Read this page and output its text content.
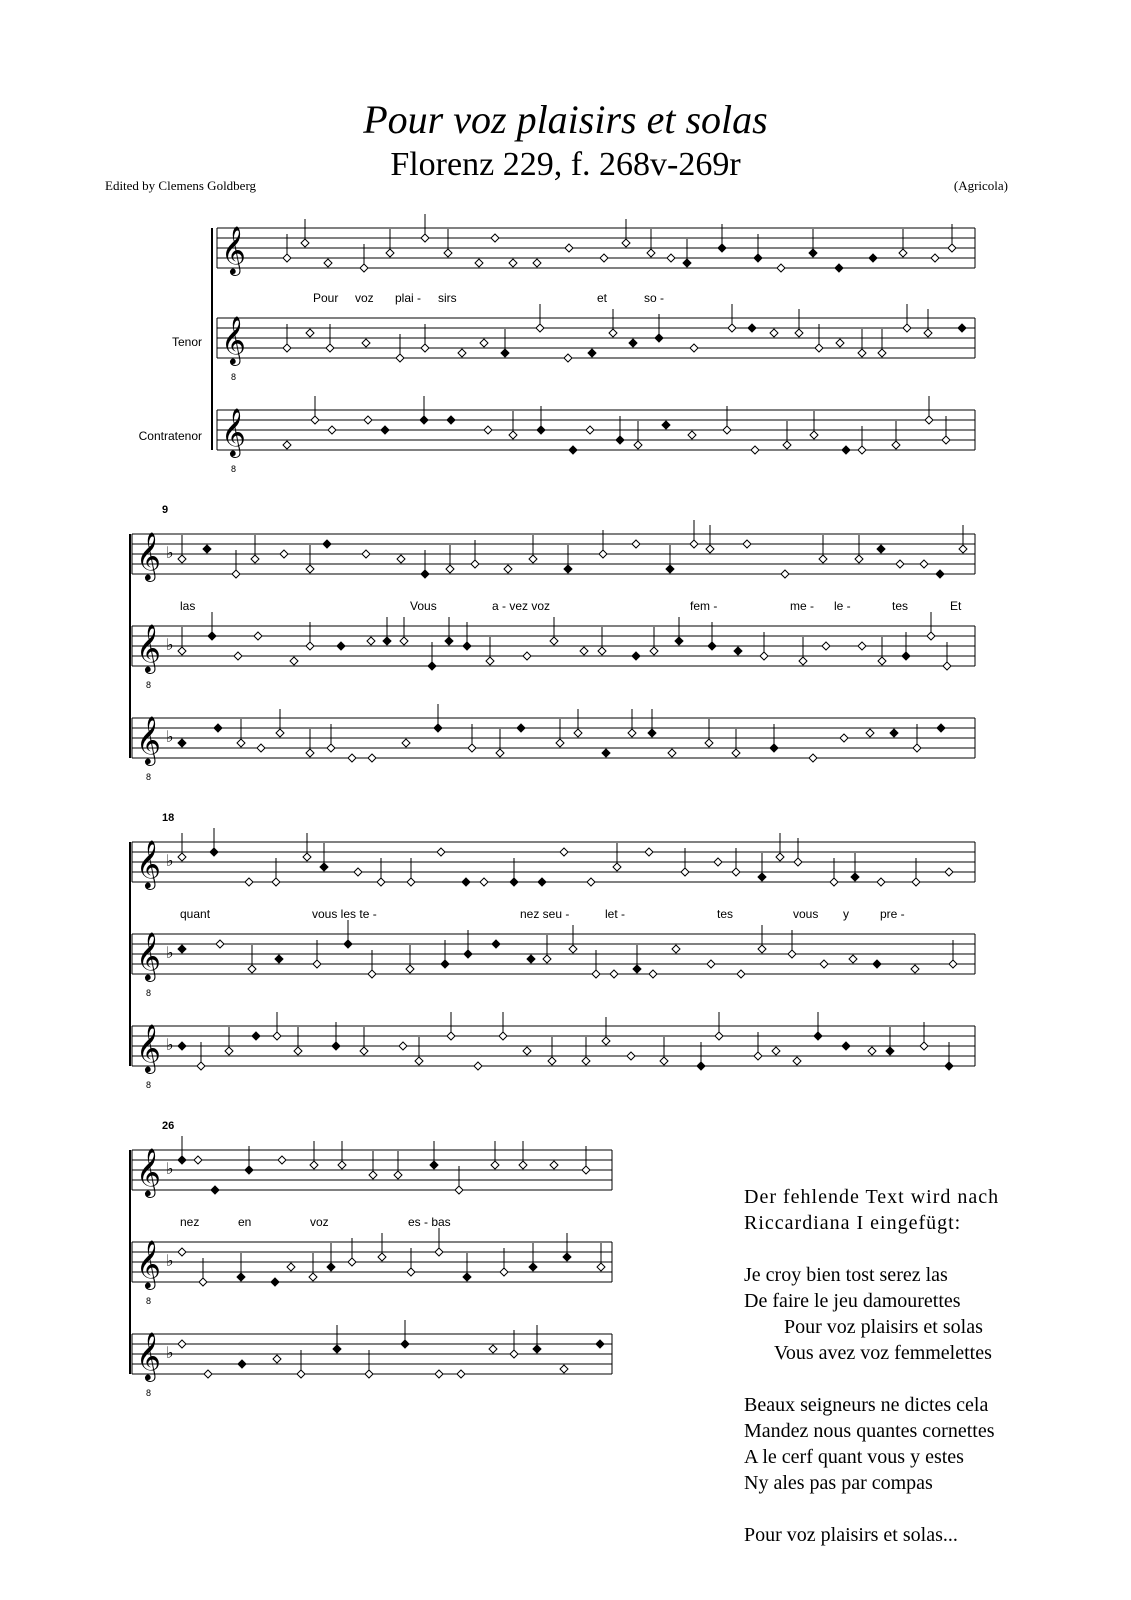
Pour voz plaisirs et solas
Florenz 229, f. 268v-269r
Edited by Clemens Goldberg	(Agricola)
Tenor
Contratenor
9
18
26
𝄞
𝄞
8
𝄞
8
𝄞 ♭
𝄞
8
♭
𝄞
8
♭
𝄞 ♭
𝄞
8
♭
𝄞
8
♭
𝄞 ♭
𝄞
8
♭
𝄞
8
♭
Pour voz plai - sirs	et	so -
las	Vous	a - vez voz	fem -	me - le -	tes	Et
quant	vous les te -	nez seu -	let -	tes	vous y	pre -
nez	en	voz	es - bas
Der fehlende Text wird nach
Riccardiana I eingefügt:
Je croy bien tost serez las
De faire le jeu damourettes
Pour voz plaisirs et solas
Vous avez voz femmelettes
Beaux seigneurs ne dictes cela
Mandez nous quantes cornettes
A le cerf quant vous y estes
Ny ales pas par compas
Pour voz plaisirs et solas...
